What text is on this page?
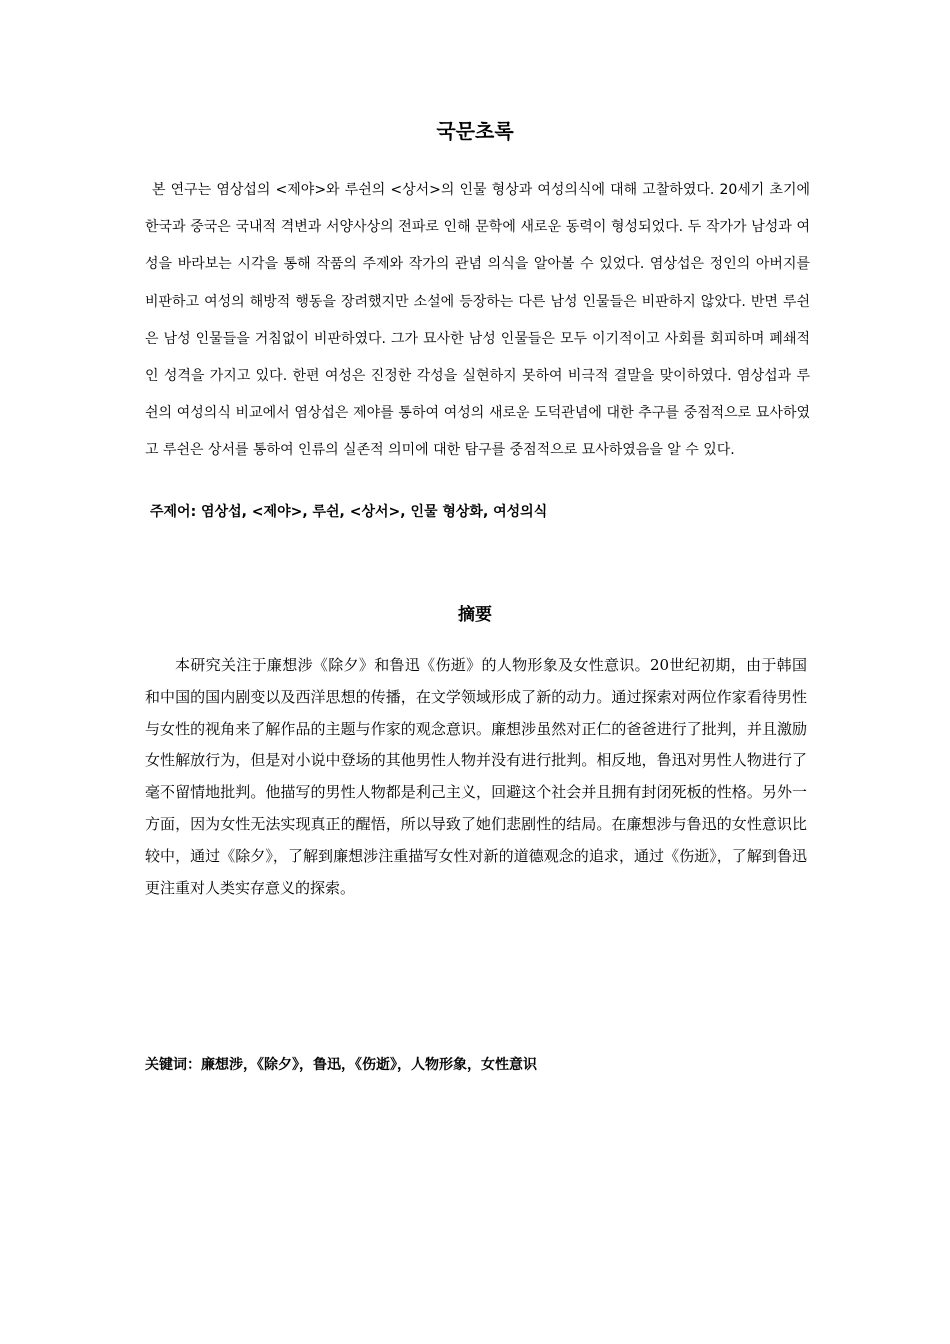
국문초록

본 연구는 염상섭의 <제야>와 루쉰의 <상서>의 인물 형상과 여성의식에 대해 고찰하였다. 20세기 초기에 한국과 중국은 국내적 격변과 서양사상의 전파로 인해 문학에 새로운 동력이 형성되었다. 두 작가가 남성과 여성을 바라보는 시각을 통해 작품의 주제와 작가의 관념 의식을 알아볼 수 있었다. 염상섭은 정인의 아버지를 비판하고 여성의 해방적 행동을 장려했지만 소설에 등장하는 다른 남성 인물들은 비판하지 않았다. 반면 루쉰은 남성 인물들을 거침없이 비판하였다. 그가 묘사한 남성 인물들은 모두 이기적이고 사회를 회피하며 폐쇄적인 성격을 가지고 있다. 한편 여성은 진정한 각성을 실현하지 못하여 비극적 결말을 맞이하였다. 염상섭과 루쉰의 여성의식 비교에서 염상섭은 제야를 통하여 여성의 새로운 도덕관념에 대한 추구를 중점적으로 묘사하였고 루쉰은 상서를 통하여 인류의 실존적 의미에 대한 탐구를 중점적으로 묘사하였음을 알 수 있다.

주제어: 염상섭, <제야>, 루쉰, <상서>, 인물 형상화, 여성의식

摘要

本研究关注于廉想涉《除夕》和鲁迅《伤逝》的人物形象及女性意识。20世纪初期，由于韩国和中国的国内剧变以及西洋思想的传播，在文学领域形成了新的动力。通过探索对两位作家看待男性与女性的视角来了解作品的主题与作家的观念意识。廉想涉虽然对正仁的爸爸进行了批判，并且激励女性解放行为，但是对小说中登场的其他男性人物并没有进行批判。相反地，鲁迅对男性人物进行了毫不留情地批判。他描写的男性人物都是利己主义，回避这个社会并且拥有封闭死板的性格。另外一方面，因为女性无法实现真正的醒悟，所以导致了她们悲剧性的结局。在廉想涉与鲁迅的女性意识比较中，通过《除夕》，了解到廉想涉注重描写女性对新的道德观念的追求，通过《伤逝》，了解到鲁迅更注重对人类实存意义的探索。

关键词：廉想涉，《除夕》，鲁迅，《伤逝》，人物形象，女性意识
